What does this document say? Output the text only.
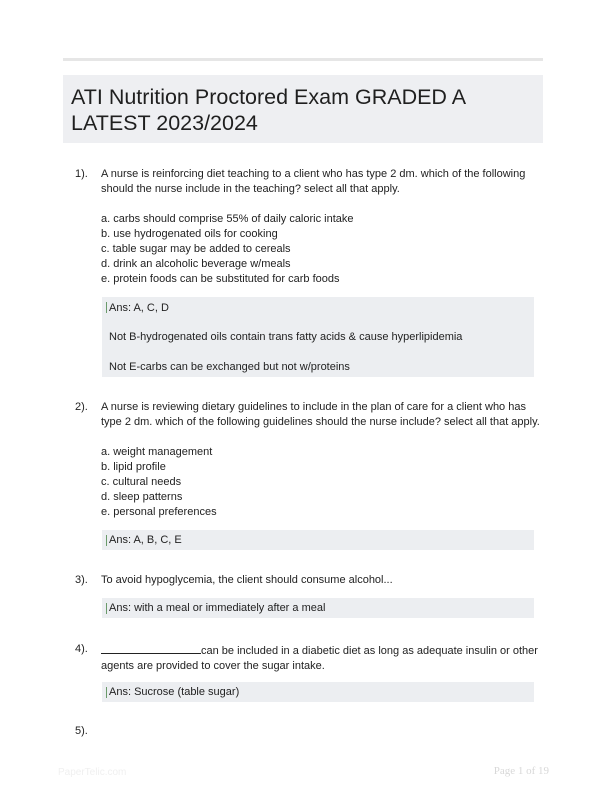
ATI Nutrition Proctored Exam GRADED A LATEST 2023/2024
1). A nurse is reinforcing diet teaching to a client who has type 2 dm. which of the following should the nurse include in the teaching? select all that apply.
a. carbs should comprise 55% of daily caloric intake
b. use hydrogenated oils for cooking
c. table sugar may be added to cereals
d. drink an alcoholic beverage w/meals
e. protein foods can be substituted for carb foods
Ans: A, C, D
Not B-hydrogenated oils contain trans fatty acids & cause hyperlipidemia
Not E-carbs can be exchanged but not w/proteins
2). A nurse is reviewing dietary guidelines to include in the plan of care for a client who has type 2 dm. which of the following guidelines should the nurse include? select all that apply.
a. weight management
b. lipid profile
c. cultural needs
d. sleep patterns
e. personal preferences
Ans: A, B, C, E
3). To avoid hypoglycemia, the client should consume alcohol...
Ans: with a meal or immediately after a meal
4).	can be included in a diabetic diet as long as adequate insulin or other agents are provided to cover the sugar intake.
Ans: Sucrose (table sugar)
5).
PaperTelic.com	Page 1 of 19
